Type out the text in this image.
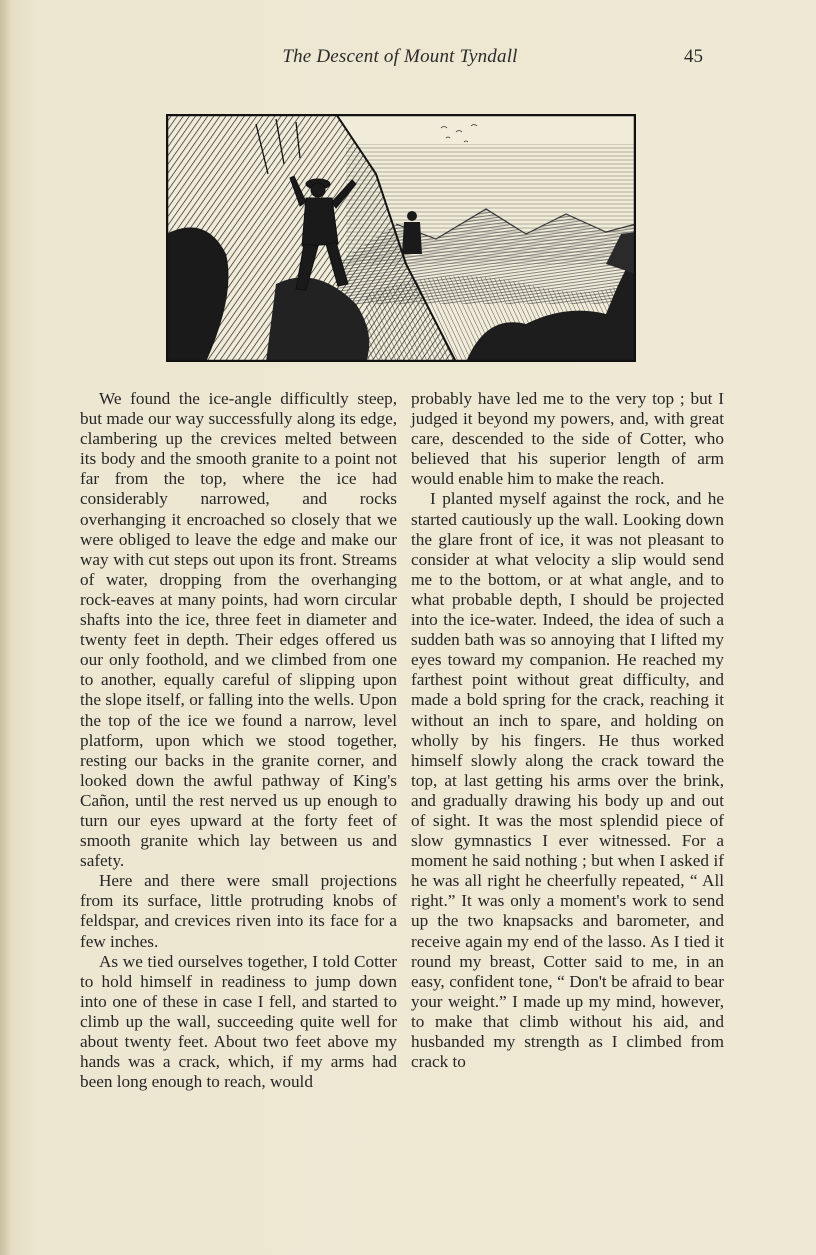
The Descent of Mount Tyndall	45

We found the ice-angle difficultly steep, but made our way successfully along its edge, clambering up the crevices melted between its body and the smooth granite to a point not far from the top, where the ice had considerably narrowed, and rocks overhanging it encroached so closely that we were obliged to leave the edge and make our way with cut steps out upon its front. Streams of water, dropping from the overhanging rock-eaves at many points, had worn circular shafts into the ice, three feet in diameter and twenty feet in depth. Their edges offered us our only foothold, and we climbed from one to another, equally careful of slipping upon the slope itself, or falling into the wells. Upon the top of the ice we found a narrow, level platform, upon which we stood together, resting our backs in the granite corner, and looked down the awful pathway of King's Cañon, until the rest nerved us up enough to turn our eyes upward at the forty feet of smooth granite which lay between us and safety.

Here and there were small projections from its surface, little protruding knobs of feldspar, and crevices riven into its face for a few inches.

As we tied ourselves together, I told Cotter to hold himself in readiness to jump down into one of these in case I fell, and started to climb up the wall, succeeding quite well for about twenty feet. About two feet above my hands was a crack, which, if my arms had been long enough to reach, would

probably have led me to the very top ; but I judged it beyond my powers, and, with great care, descended to the side of Cotter, who believed that his superior length of arm would enable him to make the reach.

I planted myself against the rock, and he started cautiously up the wall. Looking down the glare front of ice, it was not pleasant to consider at what velocity a slip would send me to the bottom, or at what angle, and to what probable depth, I should be projected into the ice-water. Indeed, the idea of such a sudden bath was so annoying that I lifted my eyes toward my companion. He reached my farthest point without great difficulty, and made a bold spring for the crack, reaching it without an inch to spare, and holding on wholly by his fingers. He thus worked himself slowly along the crack toward the top, at last getting his arms over the brink, and gradually drawing his body up and out of sight. It was the most splendid piece of slow gymnastics I ever witnessed. For a moment he said nothing ; but when I asked if he was all right he cheerfully repeated, “ All right.” It was only a moment's work to send up the two knapsacks and barometer, and receive again my end of the lasso. As I tied it round my breast, Cotter said to me, in an easy, confident tone, “ Don't be afraid to bear your weight.” I made up my mind, however, to make that climb without his aid, and husbanded my strength as I climbed from crack to
